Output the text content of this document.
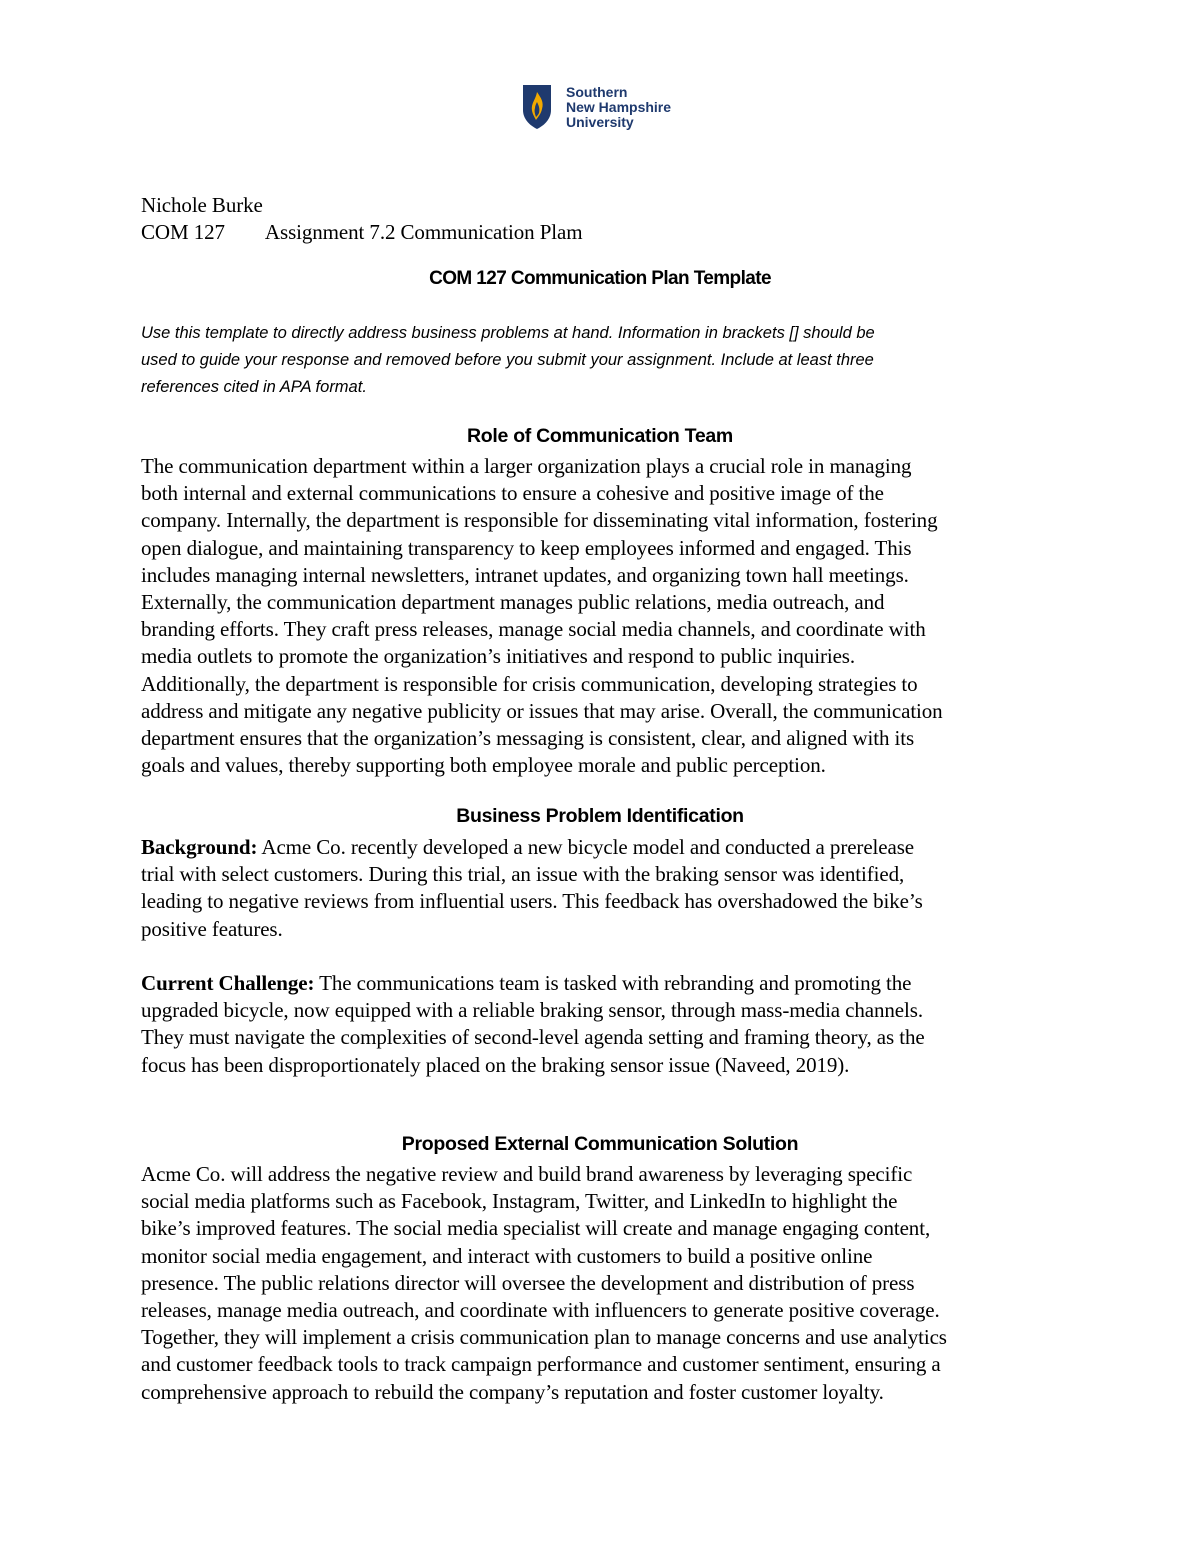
Southern
New Hampshire
University
Nichole Burke
COM 127        Assignment 7.2 Communication Plam
COM 127 Communication Plan Template
Use this template to directly address business problems at hand. Information in brackets [] should be
used to guide your response and removed before you submit your assignment. Include at least three
references cited in APA format.
Role of Communication Team
The communication department within a larger organization plays a crucial role in managing
both internal and external communications to ensure a cohesive and positive image of the
company. Internally, the department is responsible for disseminating vital information, fostering
open dialogue, and maintaining transparency to keep employees informed and engaged. This
includes managing internal newsletters, intranet updates, and organizing town hall meetings.
Externally, the communication department manages public relations, media outreach, and
branding efforts. They craft press releases, manage social media channels, and coordinate with
media outlets to promote the organization’s initiatives and respond to public inquiries.
Additionally, the department is responsible for crisis communication, developing strategies to
address and mitigate any negative publicity or issues that may arise. Overall, the communication
department ensures that the organization’s messaging is consistent, clear, and aligned with its
goals and values, thereby supporting both employee morale and public perception.
Business Problem Identification
Background: Acme Co. recently developed a new bicycle model and conducted a prerelease
trial with select customers. During this trial, an issue with the braking sensor was identified,
leading to negative reviews from influential users. This feedback has overshadowed the bike’s
positive features.
Current Challenge: The communications team is tasked with rebranding and promoting the
upgraded bicycle, now equipped with a reliable braking sensor, through mass-media channels.
They must navigate the complexities of second-level agenda setting and framing theory, as the
focus has been disproportionately placed on the braking sensor issue (Naveed, 2019).
Proposed External Communication Solution
Acme Co. will address the negative review and build brand awareness by leveraging specific
social media platforms such as Facebook, Instagram, Twitter, and LinkedIn to highlight the
bike’s improved features. The social media specialist will create and manage engaging content,
monitor social media engagement, and interact with customers to build a positive online
presence. The public relations director will oversee the development and distribution of press
releases, manage media outreach, and coordinate with influencers to generate positive coverage.
Together, they will implement a crisis communication plan to manage concerns and use analytics
and customer feedback tools to track campaign performance and customer sentiment, ensuring a
comprehensive approach to rebuild the company’s reputation and foster customer loyalty.
